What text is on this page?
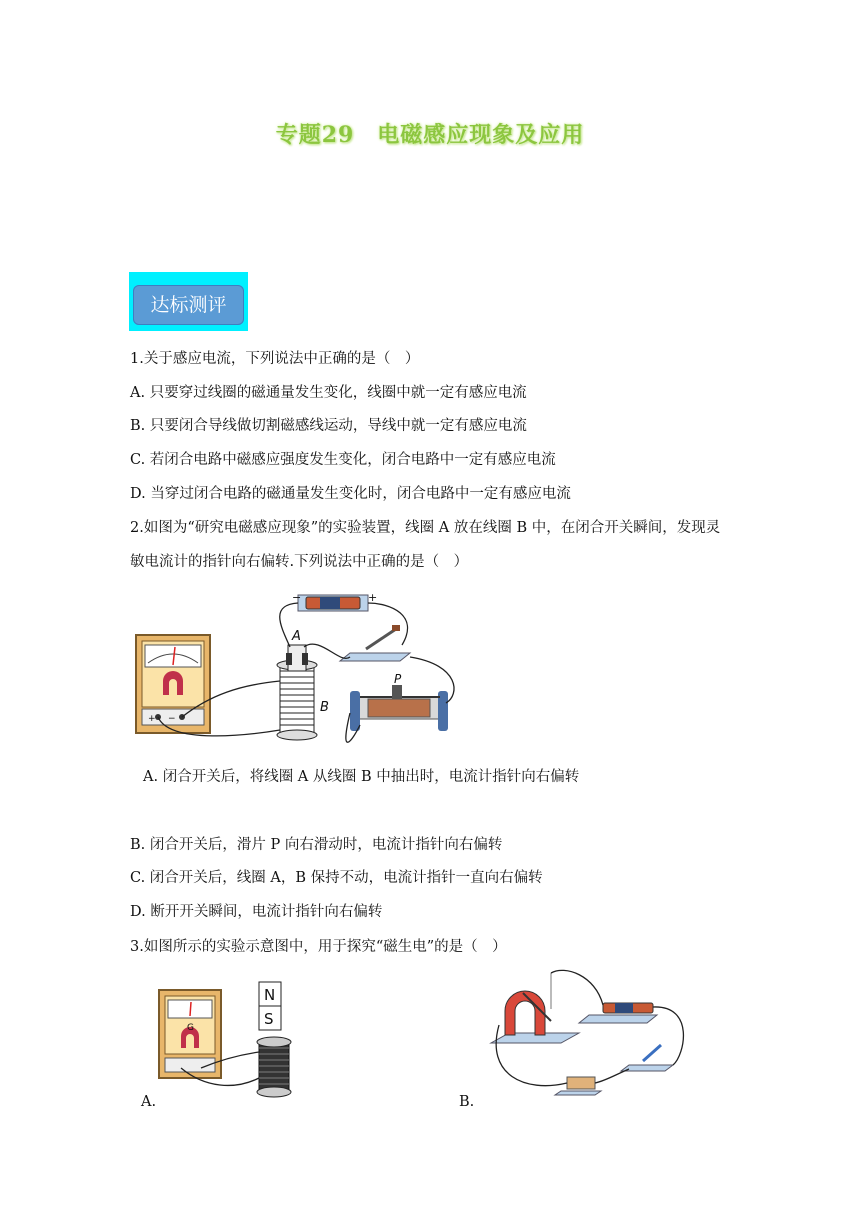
专题29　电磁感应现象及应用
达标测评
1.关于感应电流，下列说法中正确的是（　）
A. 只要穿过线圈的磁通量发生变化，线圈中就一定有感应电流
B. 只要闭合导线做切割磁感线运动，导线中就一定有感应电流
C. 若闭合电路中磁感应强度发生变化，闭合电路中一定有感应电流
D. 当穿过闭合电路的磁通量发生变化时，闭合电路中一定有感应电流
2.如图为“研究电磁感应现象”的实验装置，线圈 A 放在线圈 B 中，在闭合开关瞬间，发现灵
敏电流计的指针向右偏转.下列说法中正确的是（　）
+ −
A
B
−	+
P
A. 闭合开关后，将线圈 A 从线圈 B 中抽出时，电流计指针向右偏转
B. 闭合开关后，滑片 P 向右滑动时，电流计指针向右偏转
C. 闭合开关后，线圈 A，B 保持不动，电流计指针一直向右偏转
D. 断开开关瞬间，电流计指针向右偏转
3.如图所示的实验示意图中，用于探究“磁生电”的是（　）
G
N
S
A.	B.
